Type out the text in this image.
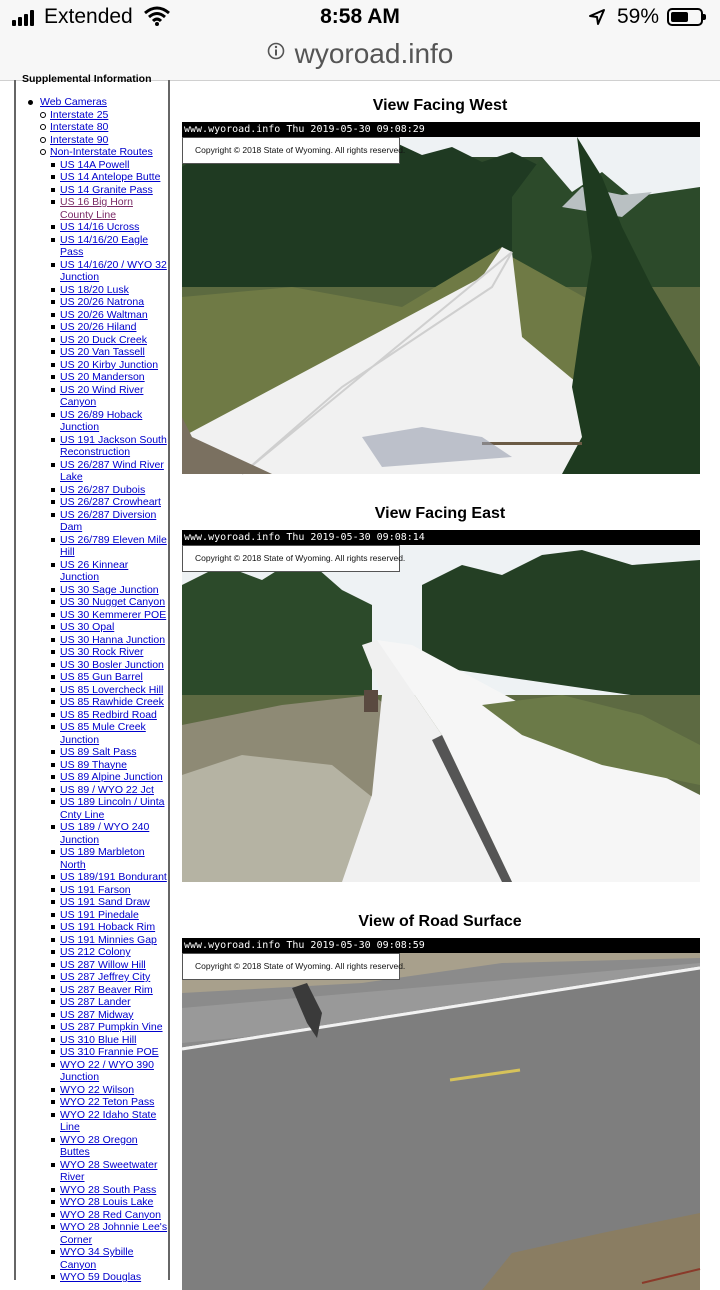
Extended	8:58 AM	59%
wyoroad.info
Supplemental Information
Web Cameras
Interstate 25
Interstate 80
Interstate 90
Non-Interstate Routes
US 14A Powell
US 14 Antelope Butte
US 14 Granite Pass
US 16 Big Horn County Line
US 14/16 Ucross
US 14/16/20 Eagle Pass
US 14/16/20 / WYO 32 Junction
US 18/20 Lusk
US 20/26 Natrona
US 20/26 Waltman
US 20/26 Hiland
US 20 Duck Creek
US 20 Van Tassell
US 20 Kirby Junction
US 20 Manderson
US 20 Wind River Canyon
US 26/89 Hoback Junction
US 191 Jackson South Reconstruction
US 26/287 Wind River Lake
US 26/287 Dubois
US 26/287 Crowheart
US 26/287 Diversion Dam
US 26/789 Eleven Mile Hill
US 26 Kinnear Junction
US 30 Sage Junction
US 30 Nugget Canyon
US 30 Kemmerer POE
US 30 Opal
US 30 Hanna Junction
US 30 Rock River
US 30 Bosler Junction
US 85 Gun Barrel
US 85 Lovercheck Hill
US 85 Rawhide Creek
US 85 Redbird Road
US 85 Mule Creek Junction
US 89 Salt Pass
US 89 Thayne
US 89 Alpine Junction
US 89 / WYO 22 Jct
US 189 Lincoln / Uinta Cnty Line
US 189 / WYO 240 Junction
US 189 Marbleton North
US 189/191 Bondurant
US 191 Farson
US 191 Sand Draw
US 191 Pinedale
US 191 Hoback Rim
US 191 Minnies Gap
US 212 Colony
US 287 Willow Hill
US 287 Jeffrey City
US 287 Beaver Rim
US 287 Lander
US 287 Midway
US 287 Pumpkin Vine
US 310 Blue Hill
US 310 Frannie POE
WYO 22 / WYO 390 Junction
WYO 22 Wilson
WYO 22 Teton Pass
WYO 22 Idaho State Line
WYO 28 Oregon Buttes
WYO 28 Sweetwater River
WYO 28 South Pass
WYO 28 Louis Lake
WYO 28 Red Canyon
WYO 28 Johnnie Lee's Corner
WYO 34 Sybille Canyon
WYO 59 Douglas
View Facing West
www.wyoroad.info Thu 2019-05-30 09:08:29
Copyright © 2018 State of Wyoming. All rights reserved.
View Facing East
www.wyoroad.info Thu 2019-05-30 09:08:14
Copyright © 2018 State of Wyoming. All rights reserved.
View of Road Surface
www.wyoroad.info Thu 2019-05-30 09:08:59
Copyright © 2018 State of Wyoming. All rights reserved.
